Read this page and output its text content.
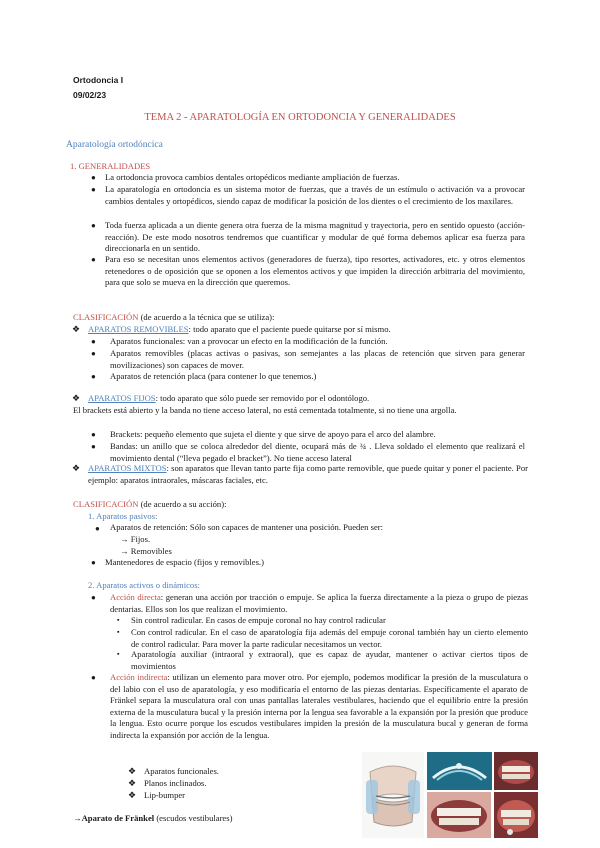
Ortodoncia I
09/02/23
TEMA 2 - APARATOLOGÍA EN ORTODONCIA Y GENERALIDADES
Aparatología ortodóncica
1. GENERALIDADES
● La ortodoncia provoca cambios dentales ortopédicos mediante ampliación de fuerzas.
● La aparatología en ortodoncia es un sistema motor de fuerzas, que a través de un estímulo o activación va a provocar cambios dentales y ortopédicos, siendo capaz de modificar la posición de los dientes o el crecimiento de los maxilares.
● Toda fuerza aplicada a un diente genera otra fuerza de la misma magnitud y trayectoria, pero en sentido opuesto (acción- reacción). De este modo nosotros tendremos que cuantificar y modular de qué forma debemos aplicar esa fuerza para direccionarla en un sentido.
● Para eso se necesitan unos elementos activos (generadores de fuerza), tipo resortes, activadores, etc. y otros elementos retenedores o de oposición que se oponen a los elementos activos y que impiden la dirección arbitraria del movimiento, para que solo se mueva en la dirección que queremos.
CLASIFICACIÓN (de acuerdo a la técnica que se utiliza):
❖ APARATOS REMOVIBLES: todo aparato que el paciente puede quitarse por sí mismo.
● Aparatos funcionales: van a provocar un efecto en la modificación de la función.
● Aparatos removibles (placas activas o pasivas, son semejantes a las placas de retención que sirven para generar movilizaciones) son capaces de mover.
● Aparatos de retención placa (para contener lo que tenemos.)
❖ APARATOS FIJOS: todo aparato que sólo puede ser removido por el odontólogo.
El brackets está abierto y la banda no tiene acceso lateral, no está cementada totalmente, si no tiene una argolla.
● Brackets: pequeño elemento que sujeta el diente y que sirve de apoyo para el arco del alambre.
● Bandas: un anillo que se coloca alrededor del diente, ocupará más de ¾ . Lleva soldado el elemento que realizará el movimiento dental (“lleva pegado el bracket”). No tiene acceso lateral
❖ APARATOS MIXTOS: son aparatos que llevan tanto parte fija como parte removible, que puede quitar y poner el paciente. Por ejemplo: aparatos intraorales, máscaras faciales, etc.
CLASIFICACIÓN (de acuerdo a su acción):
1. Aparatos pasivos:
● Aparatos de retención: Sólo son capaces de mantener una posición. Pueden ser:
→ Fijos.
→ Removibles
● Mantenedores de espacio (fijos y removibles.)
2. Aparatos activos o dinámicos:
● Acción directa: generan una acción por tracción o empuje. Se aplica la fuerza directamente a la pieza o grupo de piezas dentarias. Ellos son los que realizan el movimiento.
▪ Sin control radicular. En casos de empuje coronal no hay control radicular
▪ Con control radicular. En el caso de aparatología fija además del empuje coronal también hay un cierto elemento de control radicular. Para mover la parte radicular necesitamos un vector.
▪ Aparatología auxiliar (intraoral y extraoral), que es capaz de ayudar, mantener o activar ciertos tipos de movimientos
● Acción indirecta: utilizan un elemento para mover otro. Por ejemplo, podemos modificar la presión de la musculatura o del labio con el uso de aparatología, y eso modificaría el entorno de las piezas dentarias. Específicamente el aparato de Fränkel separa la musculatura oral con unas pantallas laterales vestibulares, haciendo que el equilibrio entre la presión externa de la musculatura bucal y la presión interna por la lengua sea favorable a la expansión por la presión que produce la lengua. Esto ocurre porque los escudos vestibulares impiden la presión de la musculatura bucal y generan de forma indirecta la expansión por acción de la lengua.
❖ Aparatos funcionales.
❖ Planos inclinados.
❖ Lip-bumper
→Aparato de Fränkel (escudos vestibulares)
